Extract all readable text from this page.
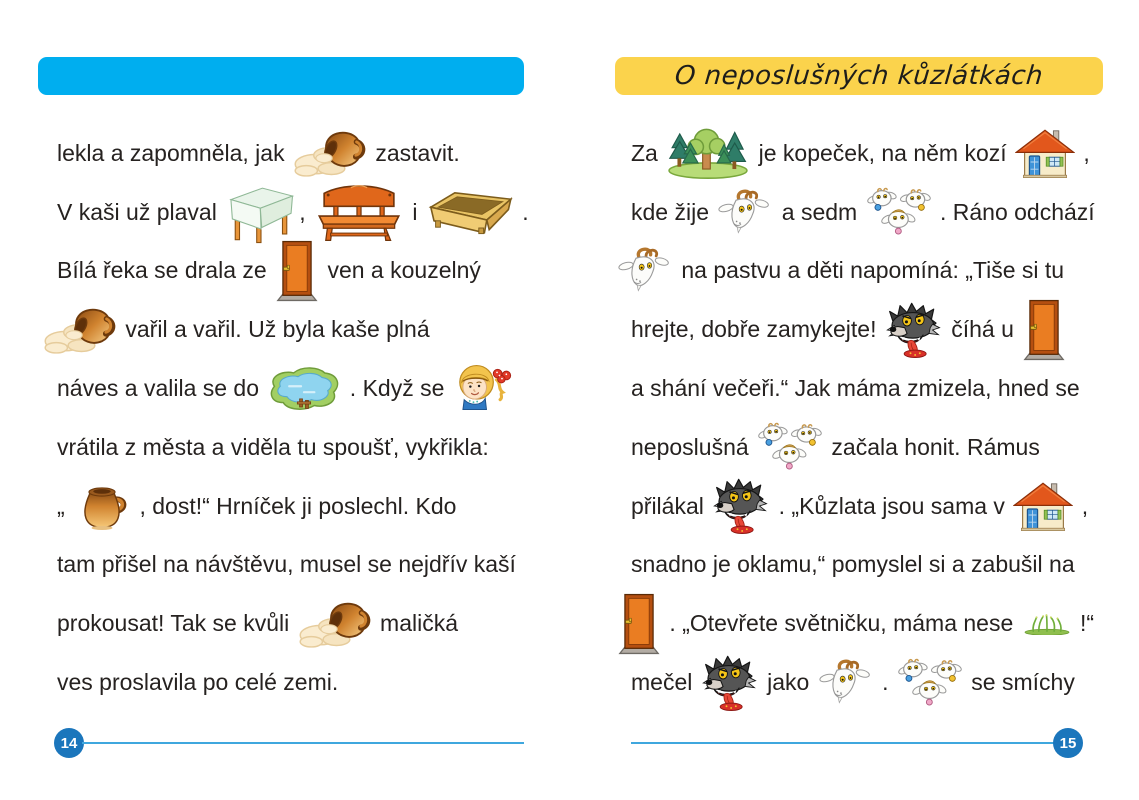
O neposlušných kůzlátkách
lekla a zapomněla, jak	zastavit.
V kaši už plaval	,	i	.
Bílá řeka se drala ze ven a kouzelný
vařil a vařil. Už byla kaše plná
náves a valila se do	. Když se
vrátila z města a viděla tu spoušť, vykřikla:
„	, dost!“ Hrníček ji poslechl. Kdo
tam přišel na návštěvu, musel se nejdřív kaší
prokousat! Tak se kvůli	maličká
ves proslavila po celé zemi.
Za	je kopeček, na něm kozí	,
kde žije	a sedm	. Ráno odchází
na pastvu a děti napomíná: „Tiše si tu
hrejte, dobře zamykejte!	číhá u
a shání večeři.“ Jak máma zmizela, hned se
neposlušná	začala honit. Rámus
přilákal	. „Kůzlata jsou sama v	,
snadno je oklamu,“ pomyslel si a zabušil na
. „Otevřete světničku, máma nese !“
mečel	jako	.	se smíchy
14	15
